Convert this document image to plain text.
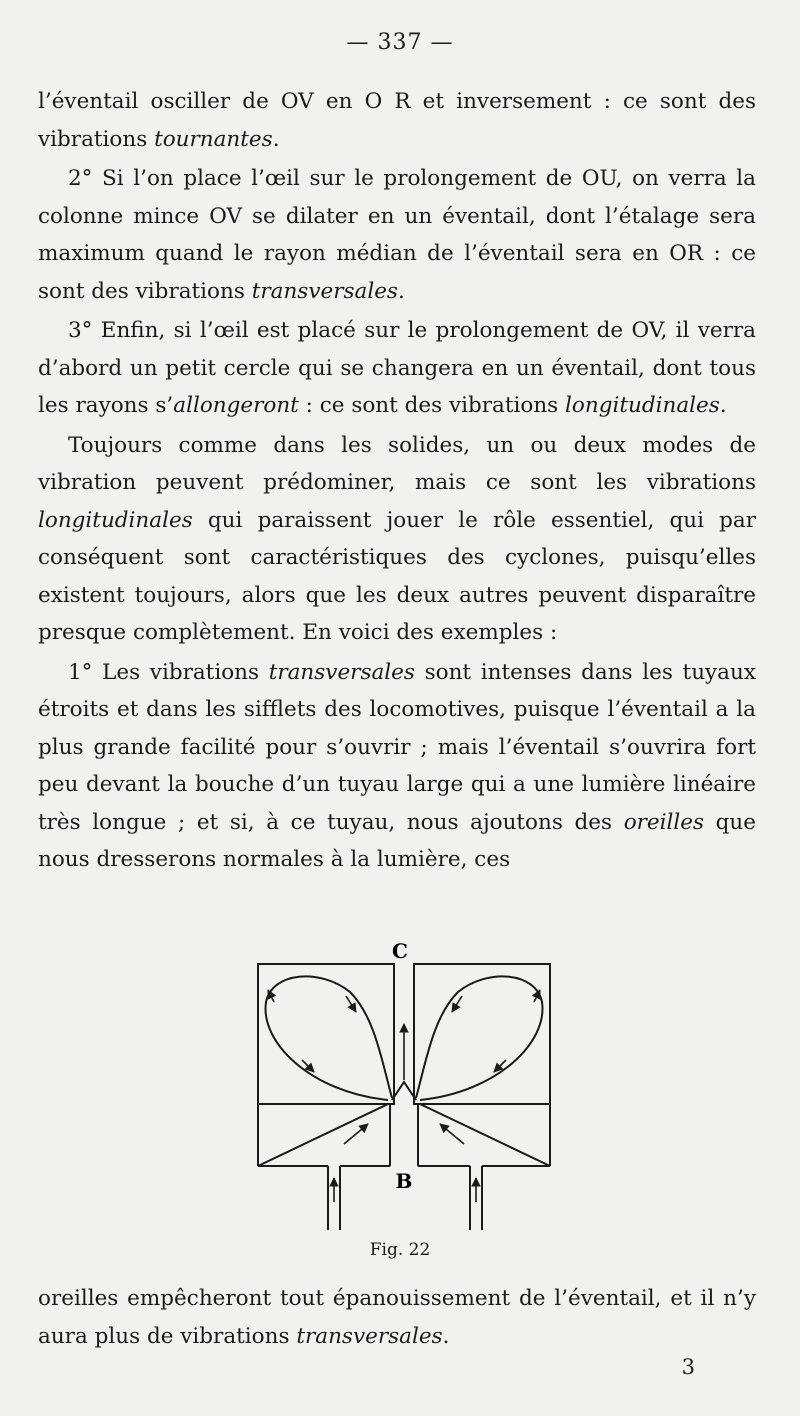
— 337 —

l’éventail osciller de OV en O R et inversement : ce sont des vibrations tournantes.

2° Si l’on place l’œil sur le prolongement de OU, on verra la colonne mince OV se dilater en un éventail, dont l’étalage sera maximum quand le rayon médian de l’éventail sera en OR : ce sont des vibrations transversales.

3° Enfin, si l’œil est placé sur le prolongement de OV, il verra d’abord un petit cercle qui se changera en un éventail, dont tous les rayons s’allongeront : ce sont des vibrations longitudinales.

Toujours comme dans les solides, un ou deux modes de vibration peuvent prédominer, mais ce sont les vibrations longitudinales qui paraissent jouer le rôle essentiel, qui par conséquent sont caractéristiques des cyclones, puisqu’elles existent toujours, alors que les deux autres peuvent disparaître presque complètement. En voici des exemples :

1° Les vibrations transversales sont intenses dans les tuyaux étroits et dans les sifflets des locomotives, puisque l’éventail a la plus grande facilité pour s’ouvrir ; mais l’éventail s’ouvrira fort peu devant la bouche d’un tuyau large qui a une lumière linéaire très longue ; et si, à ce tuyau, nous ajoutons des oreilles que nous dresserons normales à la lumière, ces

C
B
Fig. 22

oreilles empêcheront tout épanouissement de l’éventail, et il n’y aura plus de vibrations transversales.

3
